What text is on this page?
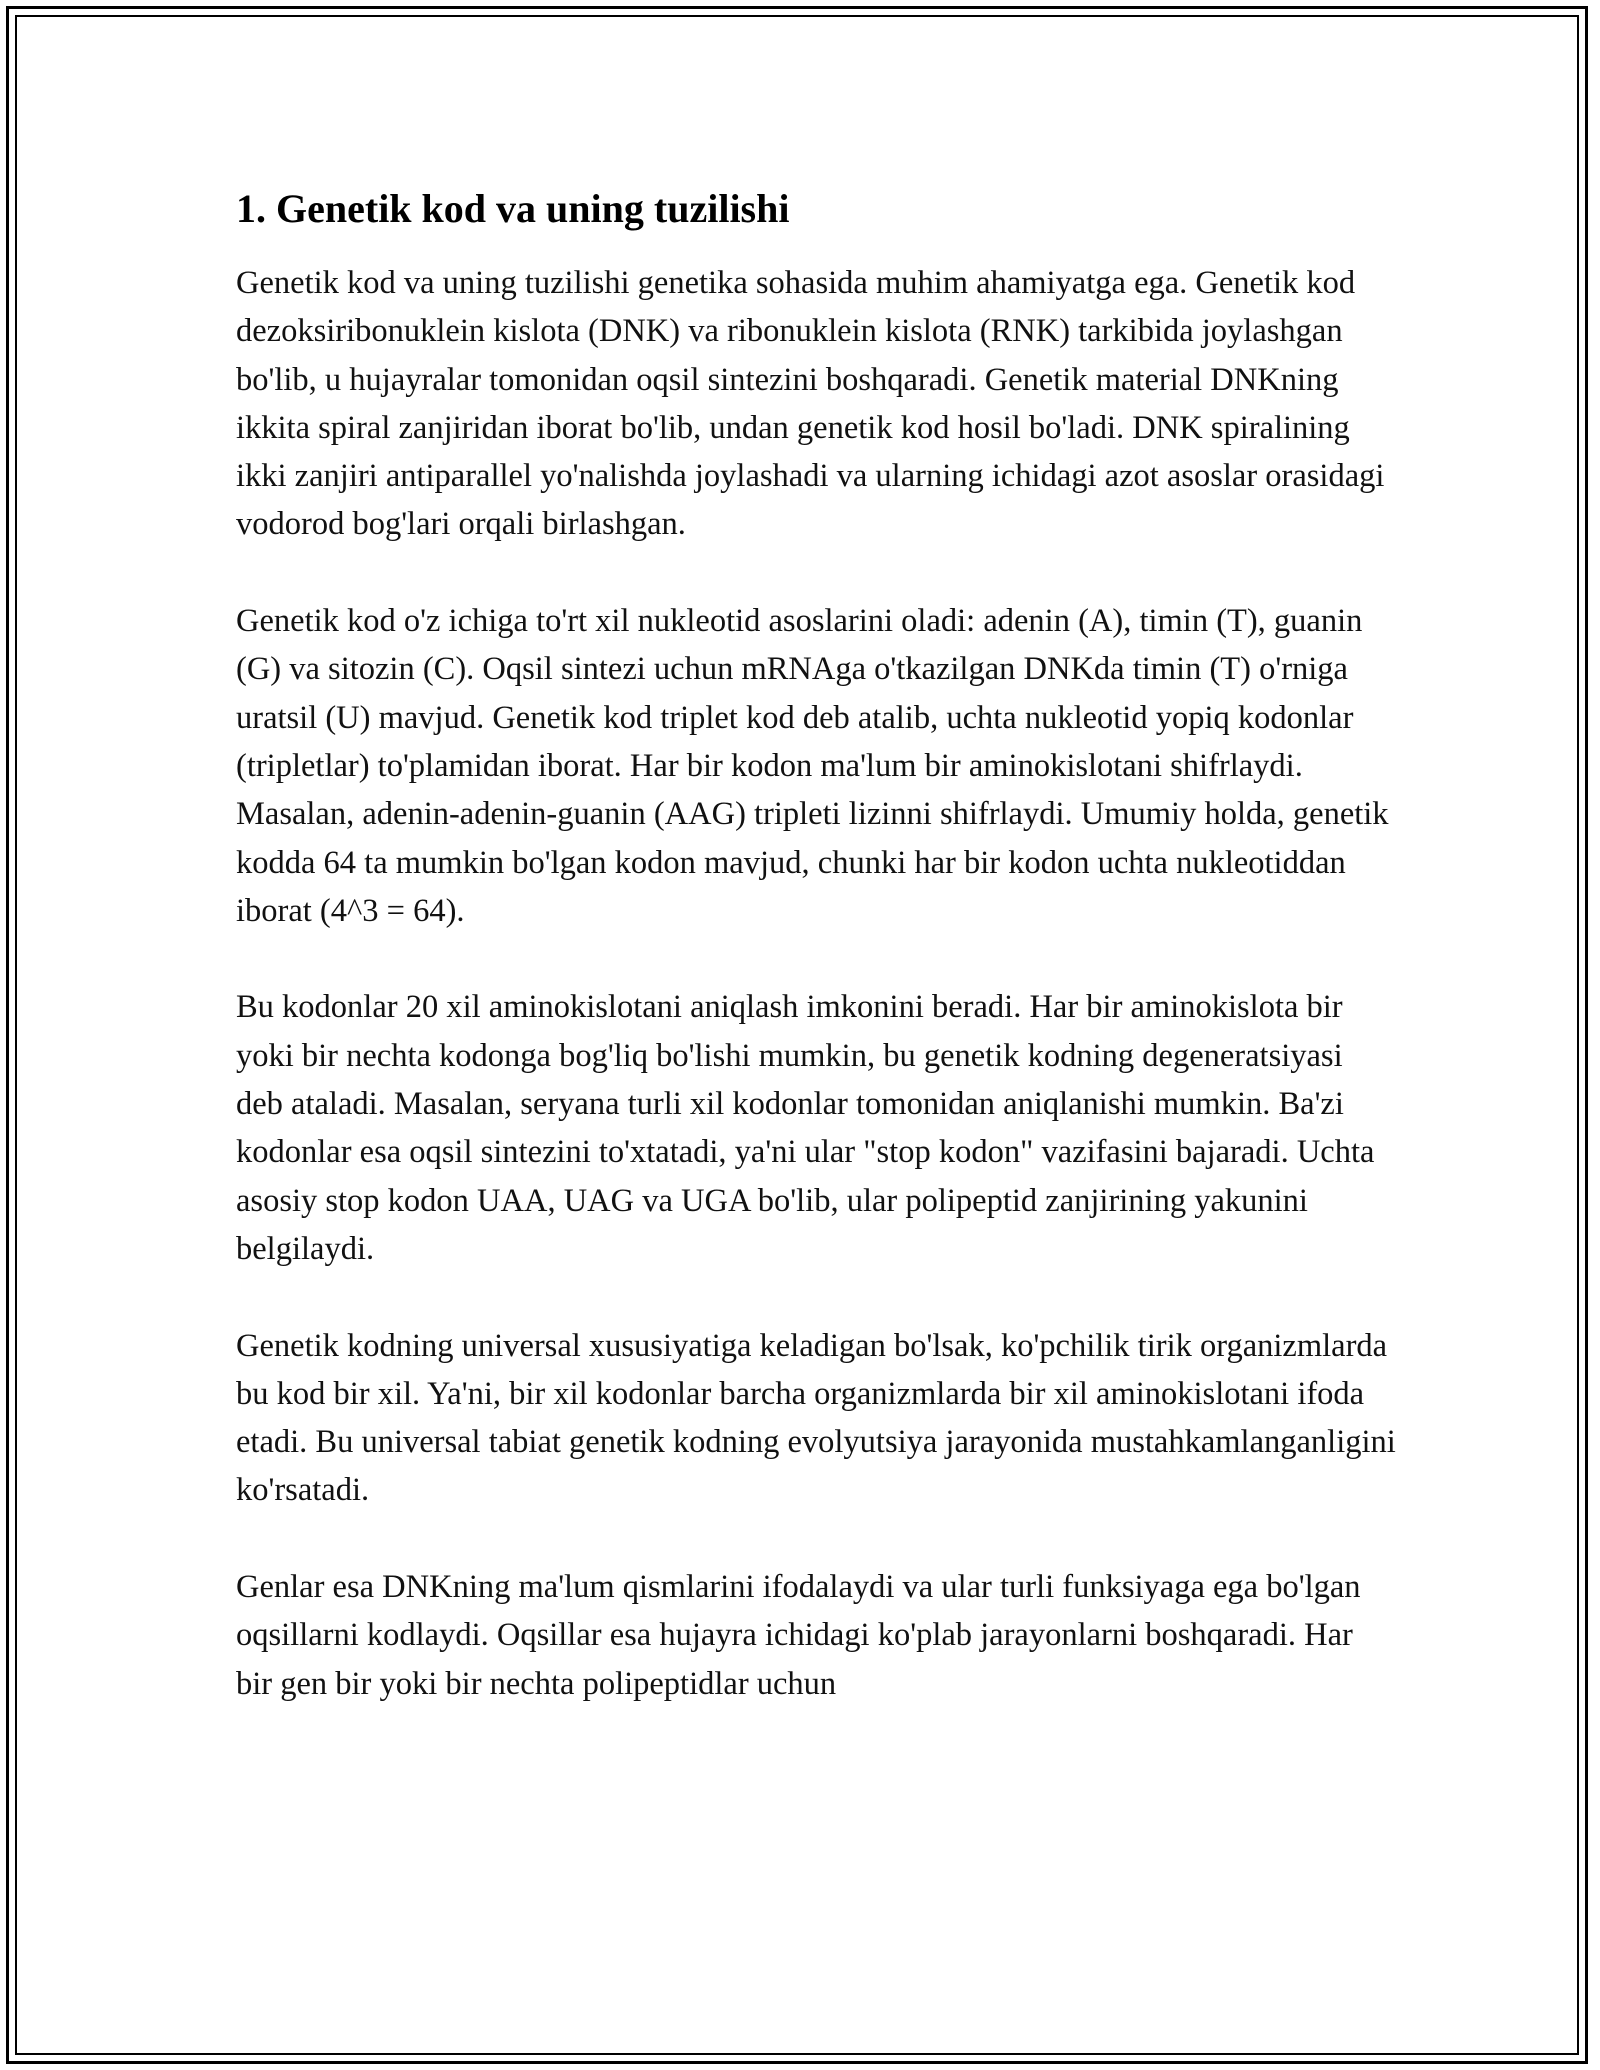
1. Genetik kod va uning tuzilishi

Genetik kod va uning tuzilishi genetika sohasida muhim ahamiyatga ega. Genetik kod dezoksiribonuklein kislota (DNK) va ribonuklein kislota (RNK) tarkibida joylashgan bo'lib, u hujayralar tomonidan oqsil sintezini boshqaradi. Genetik material DNKning ikkita spiral zanjiridan iborat bo'lib, undan genetik kod hosil bo'ladi. DNK spiralining ikki zanjiri antiparallel yo'nalishda joylashadi va ularning ichidagi azot asoslar orasidagi vodorod bog'lari orqali birlashgan.

Genetik kod o'z ichiga to'rt xil nukleotid asoslarini oladi: adenin (A), timin (T), guanin (G) va sitozin (C). Oqsil sintezi uchun mRNAga o'tkazilgan DNKda timin (T) o'rniga uratsil (U) mavjud. Genetik kod triplet kod deb atalib, uchta nukleotid yopiq kodonlar (tripletlar) to'plamidan iborat. Har bir kodon ma'lum bir aminokislotani shifrlaydi. Masalan, adenin-adenin-guanin (AAG) tripleti lizinni shifrlaydi. Umumiy holda, genetik kodda 64 ta mumkin bo'lgan kodon mavjud, chunki har bir kodon uchta nukleotiddan iborat (4^3 = 64).

Bu kodonlar 20 xil aminokislotani aniqlash imkonini beradi. Har bir aminokislota bir yoki bir nechta kodonga bog'liq bo'lishi mumkin, bu genetik kodning degeneratsiyasi deb ataladi. Masalan, seryana turli xil kodonlar tomonidan aniqlanishi mumkin. Ba'zi kodonlar esa oqsil sintezini to'xtatadi, ya'ni ular "stop kodon" vazifasini bajaradi. Uchta asosiy stop kodon UAA, UAG va UGA bo'lib, ular polipeptid zanjirining yakunini belgilaydi.

Genetik kodning universal xususiyatiga keladigan bo'lsak, ko'pchilik tirik organizmlarda bu kod bir xil. Ya'ni, bir xil kodonlar barcha organizmlarda bir xil aminokislotani ifoda etadi. Bu universal tabiat genetik kodning evolyutsiya jarayonida mustahkamlanganligini ko'rsatadi.

Genlar esa DNKning ma'lum qismlarini ifodalaydi va ular turli funksiyaga ega bo'lgan oqsillarni kodlaydi. Oqsillar esa hujayra ichidagi ko'plab jarayonlarni boshqaradi. Har bir gen bir yoki bir nechta polipeptidlar uchun
